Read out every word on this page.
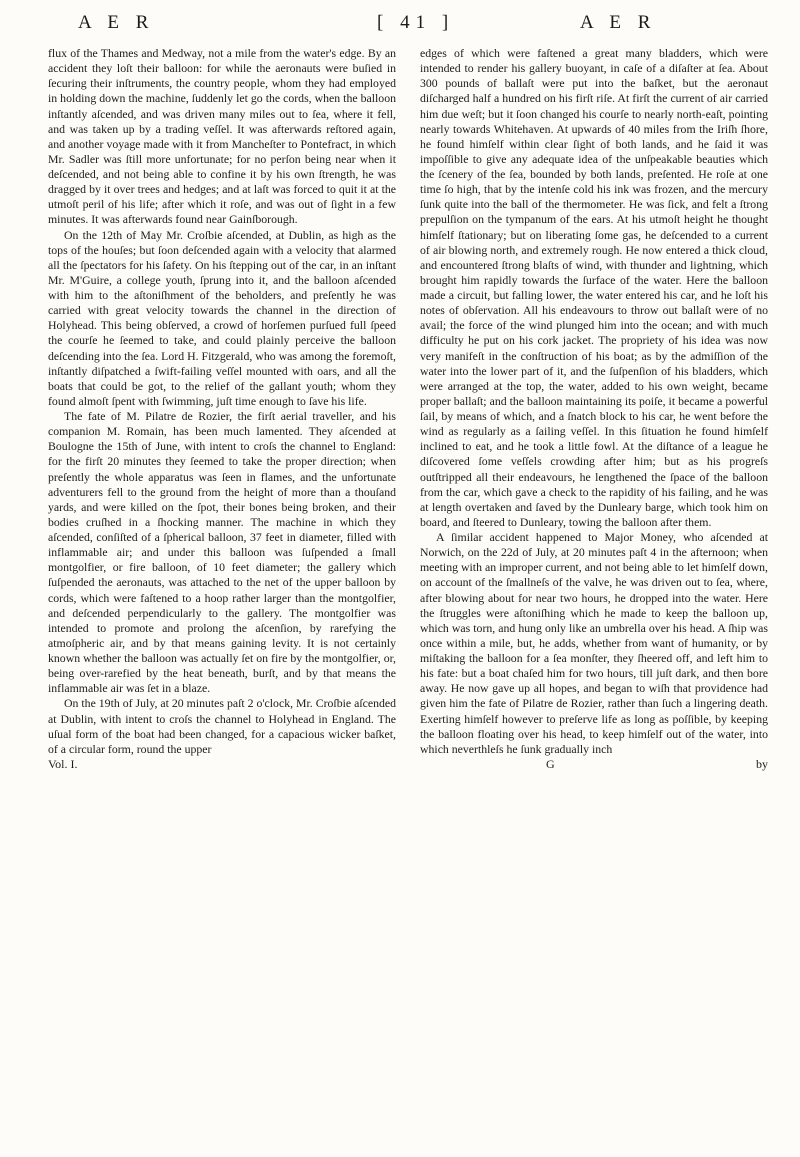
A E R	[ 41 ]	A E R

flux of the Thames and Medway, not a mile from the water's edge. By an accident they loſt their balloon: for while the aeronauts were buſied in ſecuring their inſtruments, the country people, whom they had employed in holding down the machine, ſuddenly let go the cords, when the balloon inſtantly aſcended, and was driven many miles out to ſea, where it fell, and was taken up by a trading veſſel. It was afterwards reſtored again, and another voyage made with it from Mancheſter to Pontefract, in which Mr. Sadler was ſtill more unfortunate; for no perſon being near when it deſcended, and not being able to confine it by his own ſtrength, he was dragged by it over trees and hedges; and at laſt was forced to quit it at the utmoſt peril of his life; after which it roſe, and was out of ſight in a few minutes. It was afterwards found near Gainſborough.

On the 12th of May Mr. Croſbie aſcended, at Dublin, as high as the tops of the houſes; but ſoon deſcended again with a velocity that alarmed all the ſpectators for his ſafety. On his ſtepping out of the car, in an inſtant Mr. M'Guire, a college youth, ſprung into it, and the balloon aſcended with him to the aſtoniſhment of the beholders, and preſently he was carried with great velocity towards the channel in the direction of Holyhead. This being obſerved, a crowd of horſemen purſued full ſpeed the courſe he ſeemed to take, and could plainly perceive the balloon deſcending into the ſea. Lord H. Fitzgerald, who was among the foremoſt, inſtantly diſpatched a ſwift-failing veſſel mounted with oars, and all the boats that could be got, to the relief of the gallant youth; whom they found almoſt ſpent with ſwimming, juſt time enough to ſave his life.

The fate of M. Pilatre de Rozier, the firſt aerial traveller, and his companion M. Romain, has been much lamented. They aſcended at Boulogne the 15th of June, with intent to croſs the channel to England: for the firſt 20 minutes they ſeemed to take the proper direction; when preſently the whole apparatus was ſeen in flames, and the unfortunate adventurers fell to the ground from the height of more than a thouſand yards, and were killed on the ſpot, their bones being broken, and their bodies cruſhed in a ſhocking manner. The machine in which they aſcended, conſiſted of a ſpherical balloon, 37 feet in diameter, filled with inflammable air; and under this balloon was ſuſpended a ſmall montgolfier, or fire balloon, of 10 feet diameter; the gallery which ſuſpended the aeronauts, was attached to the net of the upper balloon by cords, which were faſtened to a hoop rather larger than the montgolfier, and deſcended perpendicularly to the gallery. The montgolfier was intended to promote and prolong the aſcenſion, by rarefying the atmoſpheric air, and by that means gaining levity. It is not certainly known whether the balloon was actually ſet on fire by the montgolfier, or, being over-rarefied by the heat beneath, burſt, and by that means the inflammable air was ſet in a blaze.

On the 19th of July, at 20 minutes paſt 2 o'clock, Mr. Croſbie aſcended at Dublin, with intent to croſs the channel to Holyhead in England. The uſual form of the boat had been changed, for a capacious wicker baſket, of a circular form, round the upper

edges of which were faſtened a great many bladders, which were intended to render his gallery buoyant, in caſe of a diſaſter at ſea. About 300 pounds of ballaſt were put into the baſket, but the aeronaut diſcharged half a hundred on his firſt riſe. At firſt the current of air carried him due weſt; but it ſoon changed his courſe to nearly north-eaſt, pointing nearly towards Whitehaven. At upwards of 40 miles from the Iriſh ſhore, he found himſelf within clear ſight of both lands, and he ſaid it was impoſſible to give any adequate idea of the unſpeakable beauties which the ſcenery of the ſea, bounded by both lands, preſented. He roſe at one time ſo high, that by the intenſe cold his ink was frozen, and the mercury ſunk quite into the ball of the thermometer. He was ſick, and felt a ſtrong prepulſion on the tympanum of the ears. At his utmoſt height he thought himſelf ſtationary; but on liberating ſome gas, he deſcended to a current of air blowing north, and extremely rough. He now entered a thick cloud, and encountered ſtrong blaſts of wind, with thunder and lightning, which brought him rapidly towards the ſurface of the water. Here the balloon made a circuit, but falling lower, the water entered his car, and he loſt his notes of obſervation. All his endeavours to throw out ballaſt were of no avail; the force of the wind plunged him into the ocean; and with much difficulty he put on his cork jacket. The propriety of his idea was now very manifeſt in the conſtruction of his boat; as by the admiſſion of the water into the lower part of it, and the ſuſpenſion of his bladders, which were arranged at the top, the water, added to his own weight, became proper ballaſt; and the balloon maintaining its poiſe, it became a powerful ſail, by means of which, and a ſnatch block to his car, he went before the wind as regularly as a ſailing veſſel. In this ſituation he found himſelf inclined to eat, and he took a little fowl. At the diſtance of a league he diſcovered ſome veſſels crowding after him; but as his progreſs outſtripped all their endeavours, he lengthened the ſpace of the balloon from the car, which gave a check to the rapidity of his failing, and he was at length overtaken and ſaved by the Dunleary barge, which took him on board, and ſteered to Dunleary, towing the balloon after them.

A ſimilar accident happened to Major Money, who aſcended at Norwich, on the 22d of July, at 20 minutes paſt 4 in the afternoon; when meeting with an improper current, and not being able to let himſelf down, on account of the ſmallneſs of the valve, he was driven out to ſea, where, after blowing about for near two hours, he dropped into the water. Here the ſtruggles were aſtoniſhing which he made to keep the balloon up, which was torn, and hung only like an umbrella over his head. A ſhip was once within a mile, but, he adds, whether from want of humanity, or by miſtaking the balloon for a ſea monſter, they ſheered off, and left him to his fate: but a boat chaſed him for two hours, till juſt dark, and then bore away. He now gave up all hopes, and began to wiſh that providence had given him the fate of Pilatre de Rozier, rather than ſuch a lingering death. Exerting himſelf however to preſerve life as long as poſſible, by keeping the balloon floating over his head, to keep himſelf out of the water, into which neverthleſs he ſunk gradually inch

Vol. I.	G	by
